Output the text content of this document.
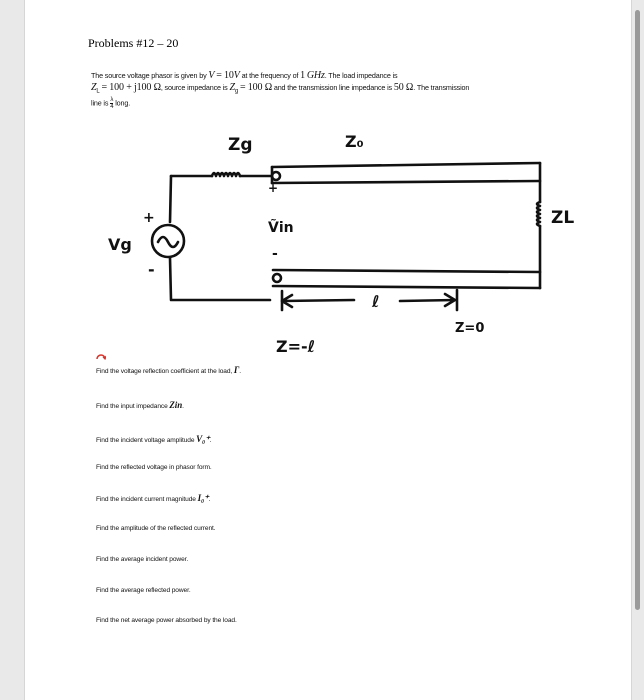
Problems #12 – 20
The source voltage phasor is given by V = 10V at the frequency of 1 GHz. The load impedance is
$Z_L = 100 + j100$ Ω, source impedance is $Z_g = 100$ Ω and the transmission line impedance is 50 Ω. The transmission
line is $\frac{\lambda}{4}$ long.
Zg	Z₀
ZL
Vg
Ṽin
+
-
+
-
ℓ
Z=-ℓ
Z=0
Find the voltage reflection coefficient at the load, Γ.
Find the input impedance Zin.
Find the incident voltage amplitude V₀⁺.
Find the reflected voltage in phasor form.
Find the incident current magnitude I₀⁺.
Find the amplitude of the reflected current.
Find the average incident power.
Find the average reflected power.
Find the net average power absorbed by the load.
